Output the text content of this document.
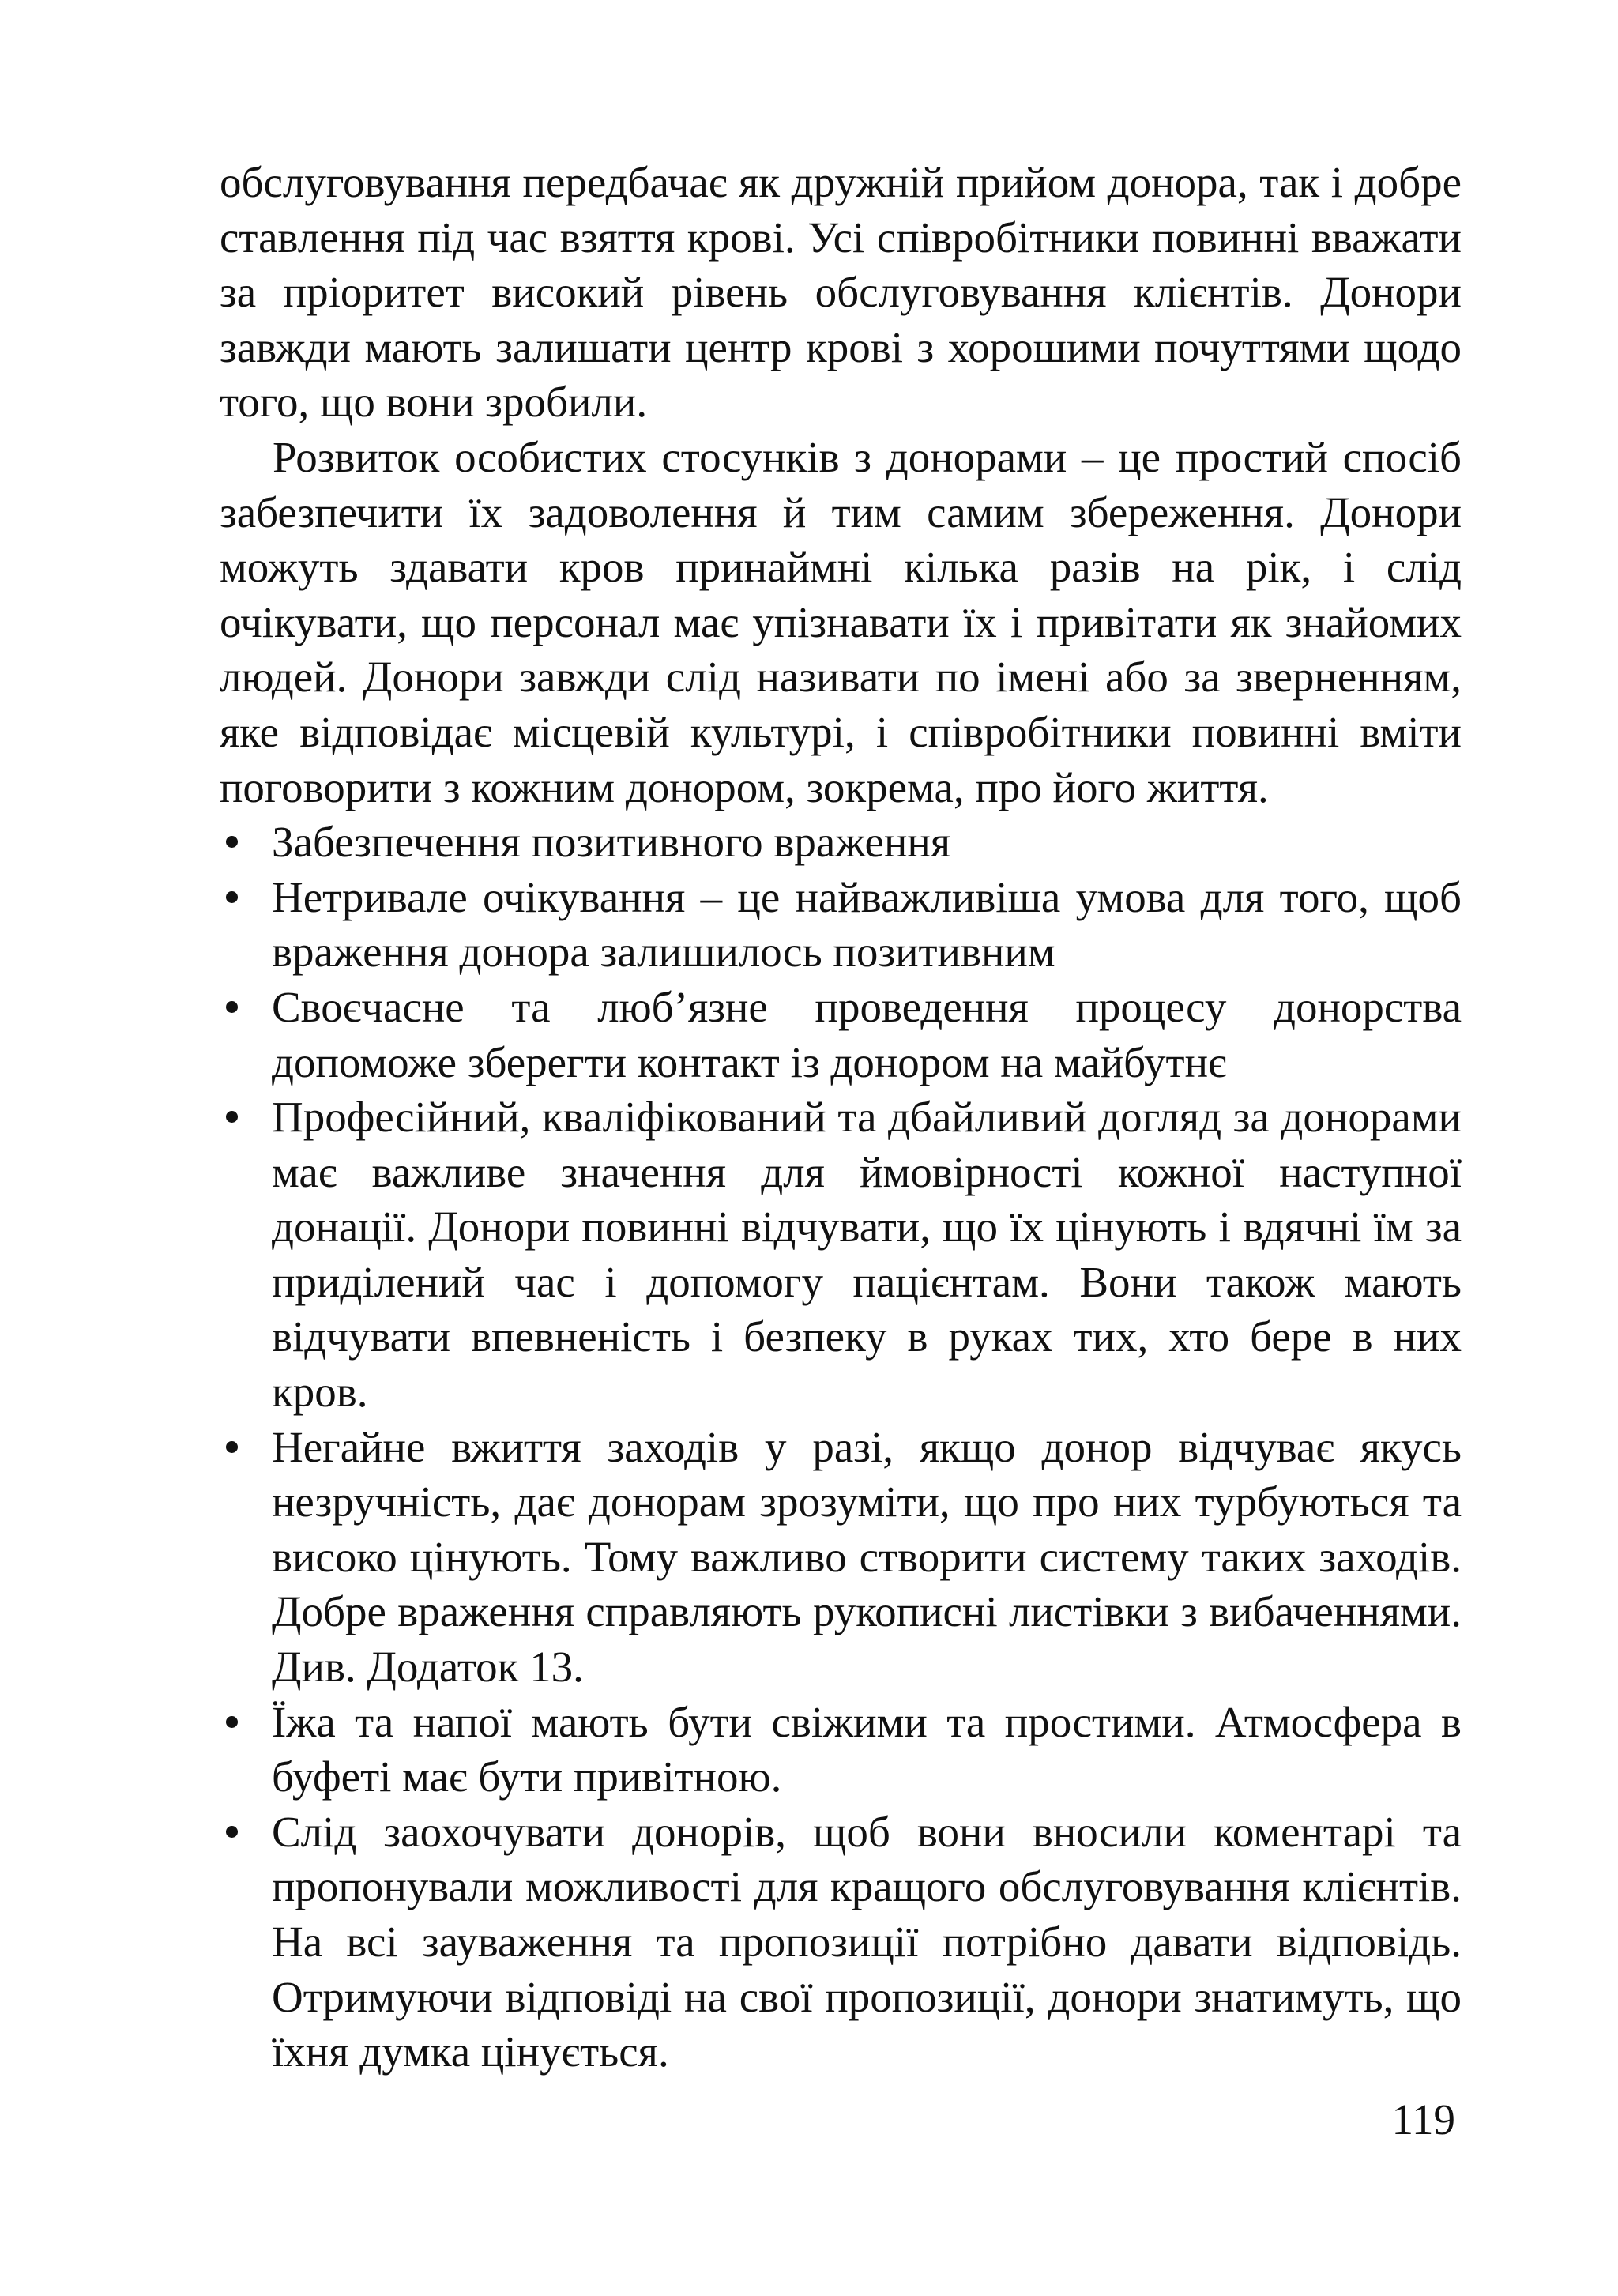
обслуговування передбачає як дружній прийом донора, так і добре ставлення під час взяття крові. Усі співробітники повинні вважати за пріоритет високий рівень обслуговування клієнтів. Донори завжди мають залишати центр крові з хорошими почуттями щодо того, що вони зробили.

Розвиток особистих стосунків з донорами – це простий спосіб забезпечити їх задоволення й тим самим збереження. Донори можуть здавати кров принаймні кілька разів на рік, і слід очікувати, що персонал має упізнавати їх і привітати як знайомих людей. Донори завжди слід називати по імені або за зверненням, яке відповідає місцевій культурі, і співробітники повинні вміти поговорити з кожним донором, зокрема, про його життя.

Забезпечення позитивного враження
Нетривале очікування – це найважливіша умова для того, щоб враження донора залишилось позитивним
Своєчасне та люб’язне проведення процесу донорства допоможе зберегти контакт із донором на майбутнє
Професійний, кваліфікований та дбайливий догляд за донорами має важливе значення для ймовірності кожної наступної донації. Донори повинні відчувати, що їх цінують і вдячні їм за приділений час і допомогу пацієнтам. Вони також мають відчувати впевненість і безпеку в руках тих, хто бере в них кров.
Негайне вжиття заходів у разі, якщо донор відчуває якусь незручність, дає донорам зрозуміти, що про них турбуються та високо цінують. Тому важливо створити систему таких заходів. Добре враження справляють рукописні листівки з вибаченнями. Див. Додаток 13.
Їжа та напої мають бути свіжими та простими. Атмосфера в буфеті має бути привітною.
Слід заохочувати донорів, щоб вони вносили коментарі та пропонували можливості для кращого обслуговування клієнтів. На всі зауваження та пропозиції потрібно давати відповідь. Отримуючи відповіді на свої пропозиції, донори знатимуть, що їхня думка цінується.
119
